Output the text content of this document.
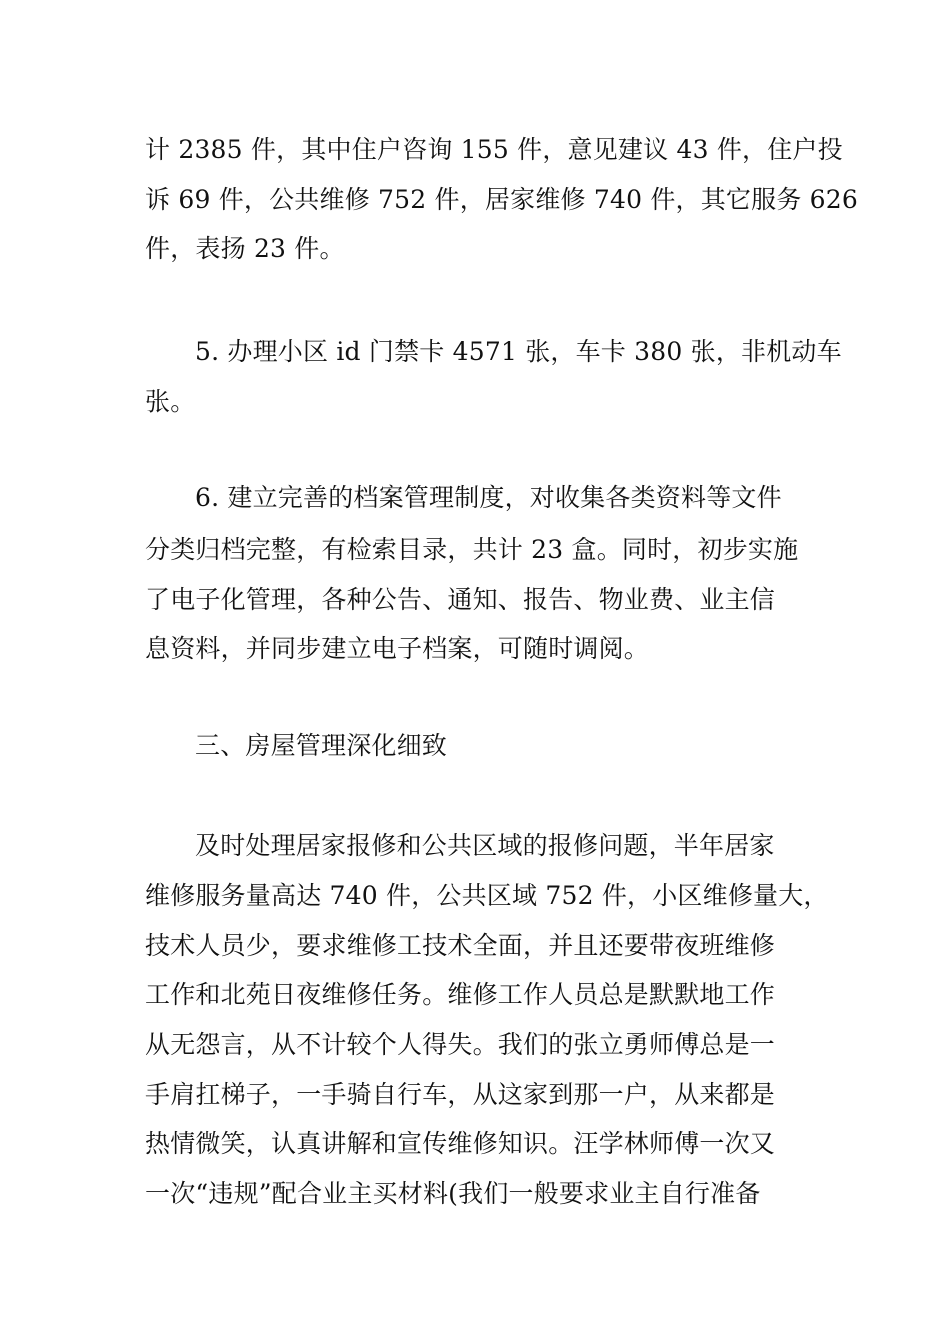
计 2385 件，其中住户咨询 155 件，意见建议 43 件，住户投
诉 69 件，公共维修 752 件，居家维修 740 件，其它服务 626
件，表扬 23 件。
5. 办理小区 id 门禁卡 4571 张，车卡 380 张，非机动车
张。
6. 建立完善的档案管理制度，对收集各类资料等文件
分类归档完整，有检索目录，共计 23 盒。同时，初步实施
了电子化管理，各种公告、通知、报告、物业费、业主信
息资料，并同步建立电子档案，可随时调阅。
三、房屋管理深化细致
及时处理居家报修和公共区域的报修问题，半年居家
维修服务量高达 740 件，公共区域 752 件，小区维修量大，
技术人员少，要求维修工技术全面，并且还要带夜班维修
工作和北苑日夜维修任务。维修工作人员总是默默地工作
从无怨言，从不计较个人得失。我们的张立勇师傅总是一
手肩扛梯子，一手骑自行车，从这家到那一户，从来都是
热情微笑，认真讲解和宣传维修知识。汪学林师傅一次又
一次“违规”配合业主买材料(我们一般要求业主自行准备
